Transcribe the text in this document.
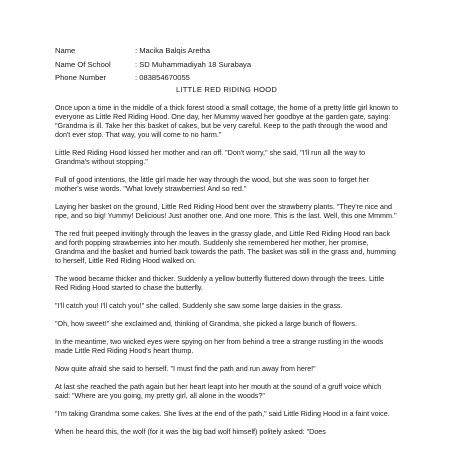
Name	: Macika Balqis Aretha
Name Of School	: SD Muhammadiyah 18 Surabaya
Phone Number	: 083854670055
LITTLE RED RIDING HOOD

Once upon a time in the middle of a thick forest stood a small cottage, the home of a pretty little girl known to everyone as Little Red Riding Hood. One day, her Mummy waved her goodbye at the garden gate, saying: "Grandma is ill. Take her this basket of cakes, but be very careful. Keep to the path through the wood and don't ever stop. That way, you will come to no harm."

Little Red Riding Hood kissed her mother and ran off. "Don't worry," she said, "I'll run all the way to Grandma's without stopping."

Full of good intentions, the little girl made her way through the wood, but she was soon to forget her mother's wise words. "What lovely strawberries! And so red."

Laying her basket on the ground, Little Red Riding Hood bent over the strawberry plants. "They're nice and ripe, and so big! Yummy! Delicious! Just another one. And one more. This is the last. Well, this one Mmmm."

The red fruit peeped invitingly through the leaves in the grassy glade, and Little Red Riding Hood ran back and forth popping strawberries into her mouth. Suddenly she remembered her mother, her promise, Grandma and the basket and hurried back towards the path. The basket was still in the grass and, humming to herself, Little Red Riding Hood walked on.

The wood became thicker and thicker. Suddenly a yellow butterfly fluttered down through the trees. Little Red Riding Hood started to chase the butterfly.

"I'll catch you! I'll catch you!" she called. Suddenly she saw some large daisies in the grass.

"Oh, how sweet!" she exclaimed and, thinking of Grandma, she picked a large bunch of flowers.

In the meantime, two wicked eyes were spying on her from behind a tree a strange rustling in the woods made Little Red Riding Hood's heart thump.

Now quite afraid she said to herself. "I must find the path and run away from here!"

At last she reached the path again but her heart leapt into her mouth at the sound of a gruff voice which said: "Where are you going, my pretty girl, all alone in the woods?"

"I'm taking Grandma some cakes. She lives at the end of the path," said Little Riding Hood in a faint voice.

When he heard this, the wolf (for it was the big bad wolf himself) politely asked: "Does
